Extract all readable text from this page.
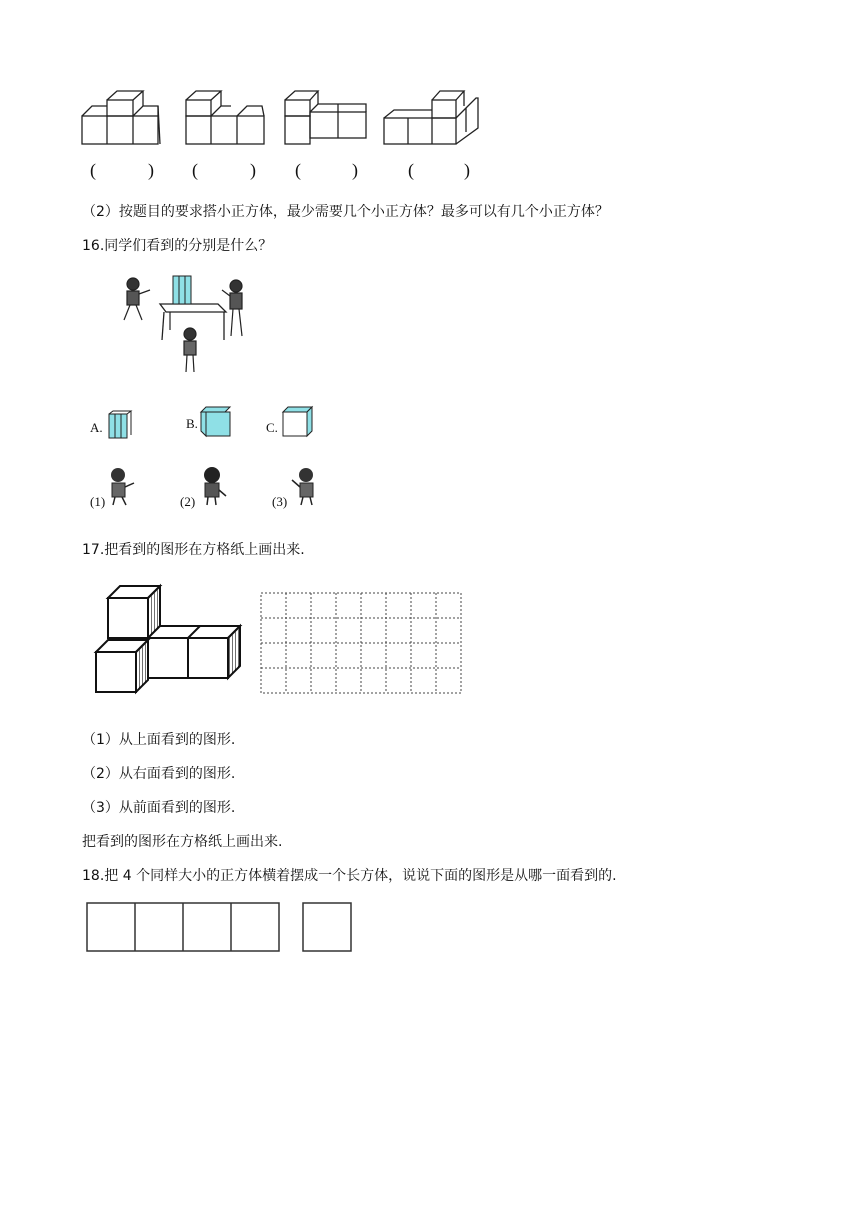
(	) (	) (	)	(	)
（2）按题目的要求搭小正方体，最少需要几个小正方体？最多可以有几个小正方体？
16.同学们看到的分别是什么？
A.	B.	C.
(1)	(2)	(3)
17.把看到的图形在方格纸上画出来.
（1）从上面看到的图形.
（2）从右面看到的图形.
（3）从前面看到的图形.
把看到的图形在方格纸上画出来.
18.把 4 个同样大小的正方体横着摆成一个长方体，说说下面的图形是从哪一面看到的.
